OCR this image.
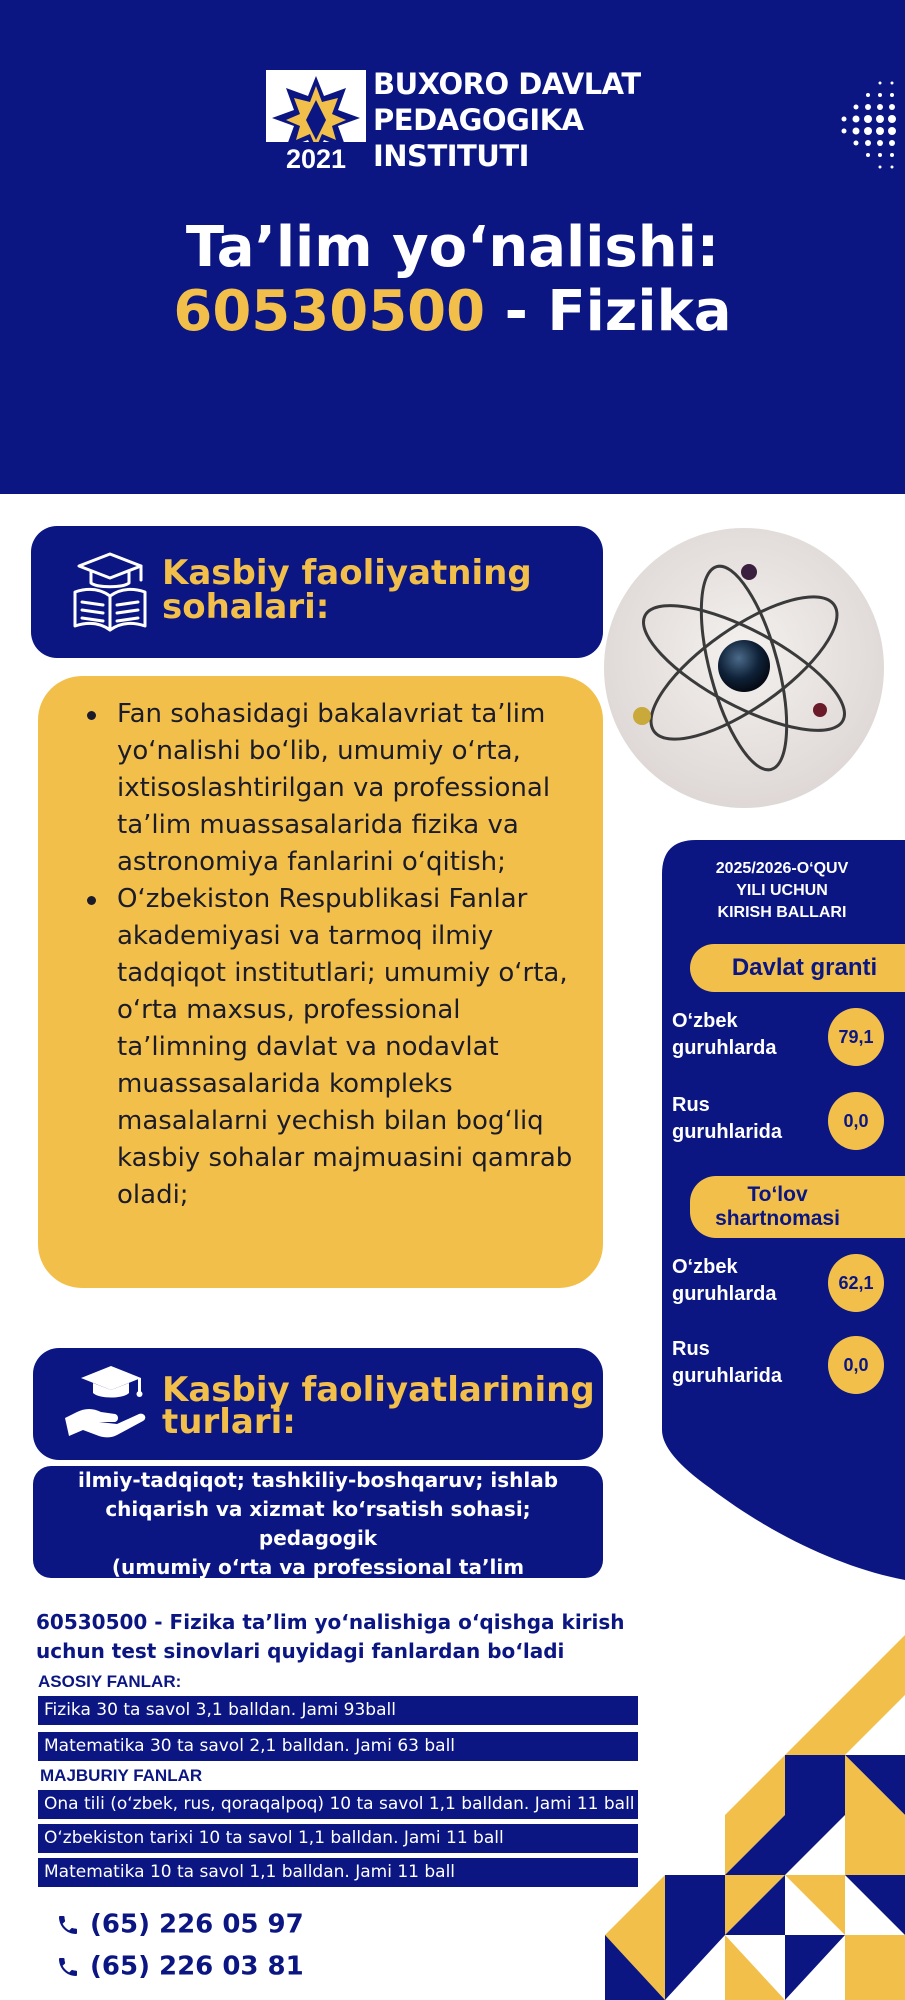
2021
BUXORO DAVLAT
PEDAGOGIKA
INSTITUTI
Ta’lim yo‘nalishi:
60530500 - Fizika
Kasbiy faoliyatning
sohalari:
Fan sohasidagi bakalavriat ta’lim yo‘nalishi bo‘lib, umumiy o‘rta, ixtisoslashtirilgan va professional ta’lim muassasalarida fizika va astronomiya fanlarini o‘qitish;
O‘zbekiston Respublikasi Fanlar akademiyasi va tarmoq ilmiy tadqiqot institutlari; umumiy o‘rta, o‘rta maxsus, professional ta’limning davlat va nodavlat muassasalarida kompleks masalalarni yechish bilan bog‘liq kasbiy sohalar majmuasini qamrab oladi;
2025/2026-O‘QUV
YILI UCHUN
KIRISH BALLARI
Davlat granti
O‘zbek
guruhlarda	79,1
Rus
guruhlarida	0,0
To‘lov
shartnomasi
O‘zbek
guruhlarda	62,1
Rus
guruhlarida	0,0
Kasbiy faoliyatlarining
turlari:
ilmiy-tadqiqot; tashkiliy-boshqaruv; ishlab
chiqarish va xizmat ko‘rsatish sohasi; pedagogik
(umumiy o‘rta va professional ta’lim
muassasalarida) faoliyat;
60530500 - Fizika ta’lim yo‘nalishiga o‘qishga kirish
uchun test sinovlari quyidagi fanlardan bo‘ladi
ASOSIY FANLAR:
Fizika 30 ta savol 3,1 balldan. Jami 93ball
Matematika 30 ta savol 2,1 balldan. Jami 63 ball
MAJBURIY FANLAR
Ona tili (o‘zbek, rus, qoraqalpoq) 10 ta savol 1,1 balldan. Jami 11 ball
O‘zbekiston tarixi 10 ta savol 1,1 balldan. Jami 11 ball
Matematika 10 ta savol 1,1 balldan. Jami 11 ball
(65) 226 05 97
(65) 226 03 81
